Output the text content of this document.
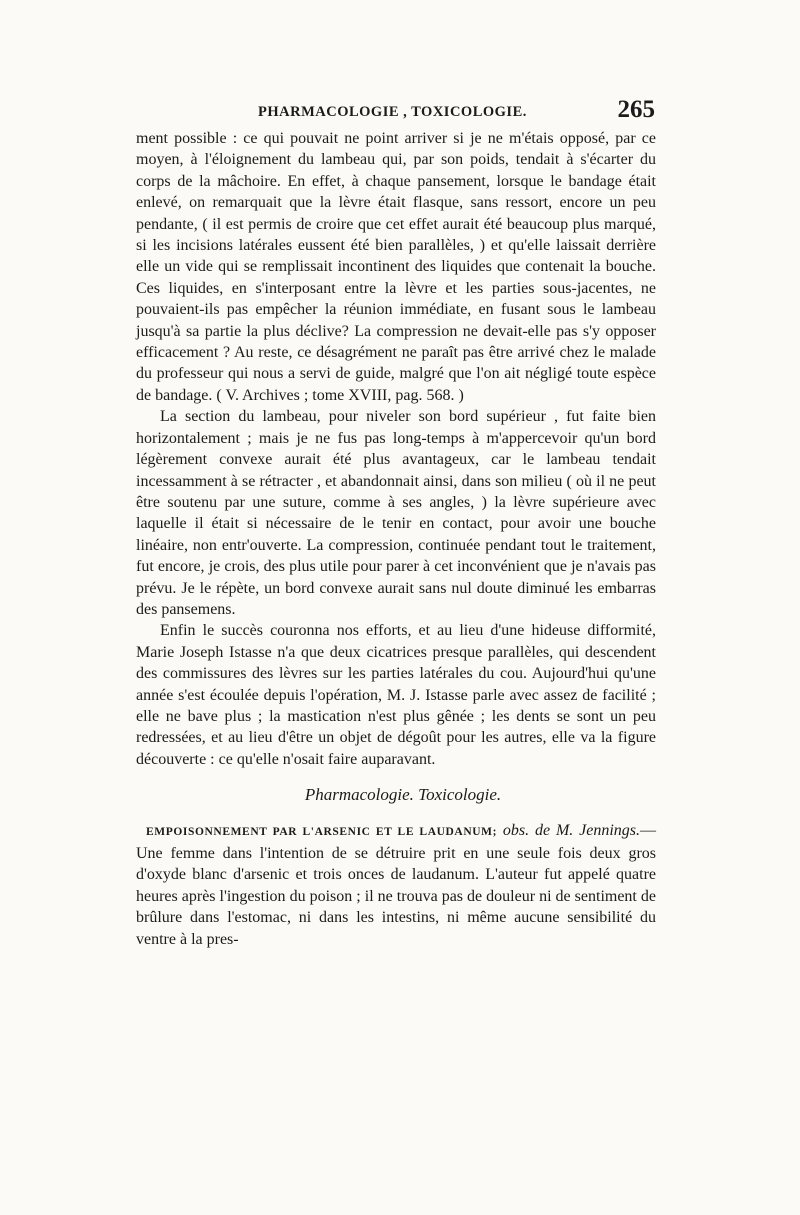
PHARMACOLOGIE , TOXICOLOGIE.	265

ment possible : ce qui pouvait ne point arriver si je ne m'étais opposé, par ce moyen, à l'éloignement du lambeau qui, par son poids, tendait à s'écarter du corps de la mâchoire. En effet, à chaque pansement, lorsque le bandage était enlevé, on remarquait que la lèvre était flasque, sans ressort, encore un peu pendante, ( il est permis de croire que cet effet aurait été beaucoup plus marqué, si les incisions latérales eussent été bien parallèles, ) et qu'elle laissait derrière elle un vide qui se remplissait incontinent des liquides que contenait la bouche. Ces liquides, en s'interposant entre la lèvre et les parties sous-jacentes, ne pouvaient-ils pas empêcher la réunion immédiate, en fusant sous le lambeau jusqu'à sa partie la plus déclive? La compression ne devait-elle pas s'y opposer efficacement ? Au reste, ce désagrément ne paraît pas être arrivé chez le malade du professeur qui nous a servi de guide, malgré que l'on ait négligé toute espèce de bandage. ( V. Archives ; tome XVIII, pag. 568. )

La section du lambeau, pour niveler son bord supérieur , fut faite bien horizontalement ; mais je ne fus pas long-temps à m'appercevoir qu'un bord légèrement convexe aurait été plus avantageux, car le lambeau tendait incessamment à se rétracter , et abandonnait ainsi, dans son milieu ( où il ne peut être soutenu par une suture, comme à ses angles, ) la lèvre supérieure avec laquelle il était si nécessaire de le tenir en contact, pour avoir une bouche linéaire, non entr'ouverte. La compression, continuée pendant tout le traitement, fut encore, je crois, des plus utile pour parer à cet inconvénient que je n'avais pas prévu. Je le répète, un bord convexe aurait sans nul doute diminué les embarras des pansemens.

Enfin le succès couronna nos efforts, et au lieu d'une hideuse difformité, Marie Joseph Istasse n'a que deux cicatrices presque parallèles, qui descendent des commissures des lèvres sur les parties latérales du cou. Aujourd'hui qu'une année s'est écoulée depuis l'opération, M. J. Istasse parle avec assez de facilité ; elle ne bave plus ; la mastication n'est plus gênée ; les dents se sont un peu redressées, et au lieu d'être un objet de dégoût pour les autres, elle va la figure découverte : ce qu'elle n'osait faire auparavant.

Pharmacologie. Toxicologie.

EMPOISONNEMENT PAR L'ARSENIC ET LE LAUDANUM; obs. de M. Jennings.—Une femme dans l'intention de se détruire prit en une seule fois deux gros d'oxyde blanc d'arsenic et trois onces de laudanum. L'auteur fut appelé quatre heures après l'ingestion du poison ; il ne trouva pas de douleur ni de sentiment de brûlure dans l'estomac, ni dans les intestins, ni même aucune sensibilité du ventre à la pres-
